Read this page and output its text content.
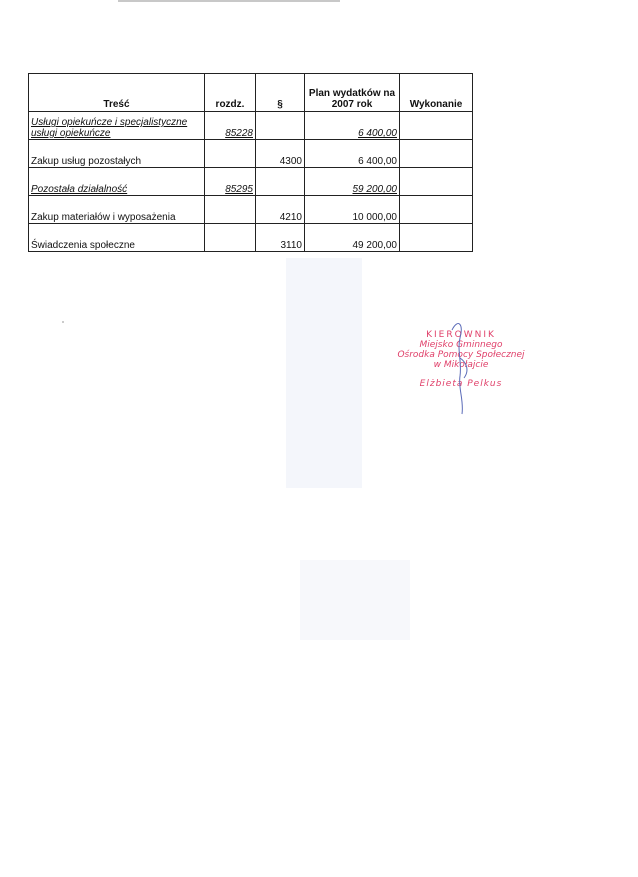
Treść	rozdz.	§	Plan wydatków na
2007 rok	Wykonanie

Usługi opiekuńcze i specjalistyczne
usługi opiekuńcze	85228		6 400,00	
Zakup usług pozostałych		4300	6 400,00	
Pozostała działalność	85295		59 200,00	
Zakup materiałów i wyposażenia		4210	10 000,00	
Świadczenia społeczne		3110	49 200,00	
KIEROWNIK
Miejsko Gminnego
Ośrodka Pomocy Społecznej
w Mikołajcie
Elżbieta Pelkus
